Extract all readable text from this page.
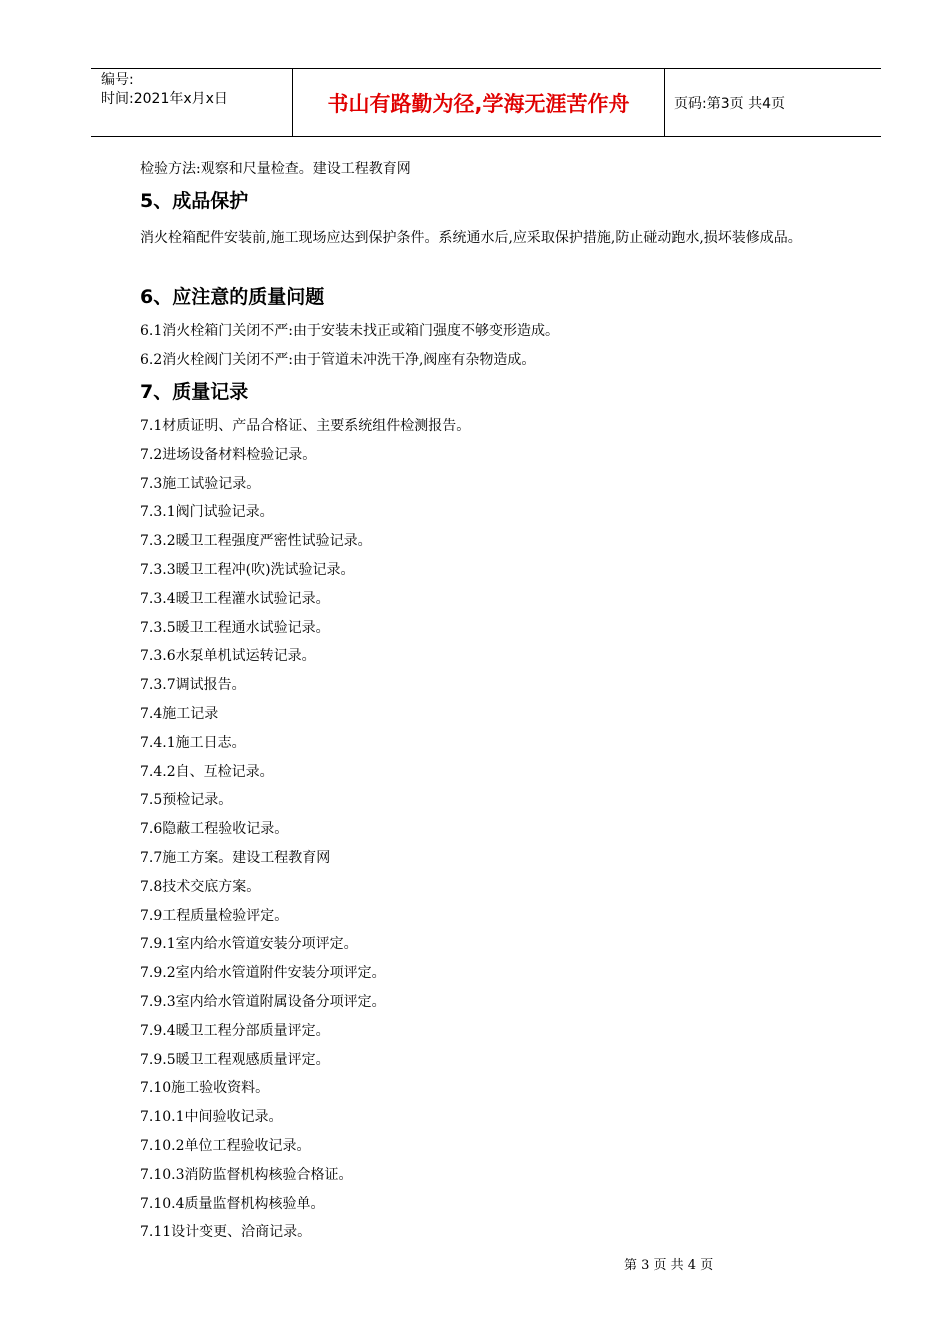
编号:
时间:2021年x月x日	书山有路勤为径,学海无涯苦作舟	页码:第3页 共4页
检验方法:观察和尺量检查。建设工程教育网
5、成品保护
消火栓箱配件安装前,施工现场应达到保护条件。系统通水后,应采取保护措施,防止碰动跑水,损坏装修成品。
6、应注意的质量问题
6.1消火栓箱门关闭不严:由于安装未找正或箱门强度不够变形造成。
6.2消火栓阀门关闭不严:由于管道未冲洗干净,阀座有杂物造成。
7、质量记录
7.1材质证明、产品合格证、主要系统组件检测报告。
7.2进场设备材料检验记录。
7.3施工试验记录。
7.3.1阀门试验记录。
7.3.2暖卫工程强度严密性试验记录。
7.3.3暖卫工程冲(吹)洗试验记录。
7.3.4暖卫工程灌水试验记录。
7.3.5暖卫工程通水试验记录。
7.3.6水泵单机试运转记录。
7.3.7调试报告。
7.4施工记录
7.4.1施工日志。
7.4.2自、互检记录。
7.5预检记录。
7.6隐蔽工程验收记录。
7.7施工方案。建设工程教育网
7.8技术交底方案。
7.9工程质量检验评定。
7.9.1室内给水管道安装分项评定。
7.9.2室内给水管道附件安装分项评定。
7.9.3室内给水管道附属设备分项评定。
7.9.4暖卫工程分部质量评定。
7.9.5暖卫工程观感质量评定。
7.10施工验收资料。
7.10.1中间验收记录。
7.10.2单位工程验收记录。
7.10.3消防监督机构核验合格证。
7.10.4质量监督机构核验单。
7.11设计变更、洽商记录。
第 3 页 共 4 页
